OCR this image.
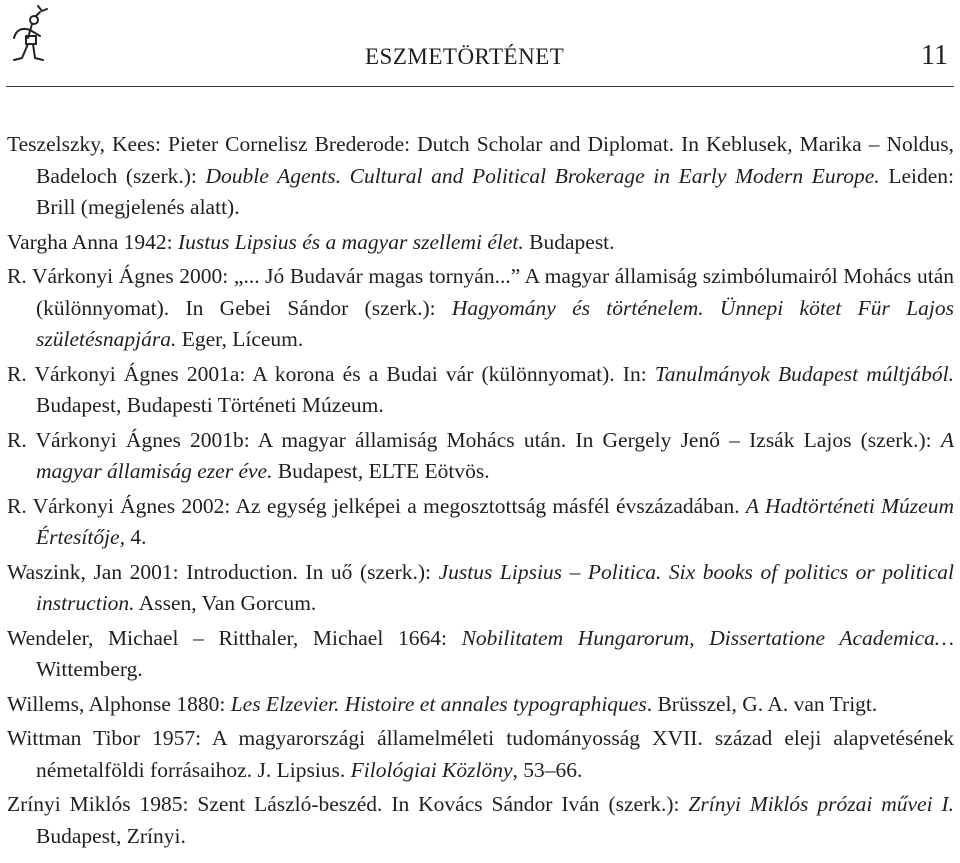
ESZMETÖRTÉNET	11

Teszelszky, Kees: Pieter Cornelisz Brederode: Dutch Scholar and Diplomat. In Keblusek, Marika – Noldus, Badeloch (szerk.): Double Agents. Cultural and Political Brokerage in Early Modern Europe. Leiden: Brill (megjelenés alatt).

Vargha Anna 1942: Iustus Lipsius és a magyar szellemi élet. Budapest.

R. Várkonyi Ágnes 2000: „... Jó Budavár magas tornyán...” A magyar államiság szimbólumairól Mohács után (különnyomat). In Gebei Sándor (szerk.): Hagyomány és történelem. Ünnepi kötet Für Lajos születésnapjára. Eger, Líceum.

R. Várkonyi Ágnes 2001a: A korona és a Budai vár (különnyomat). In: Tanulmányok Budapest múltjából. Budapest, Budapesti Történeti Múzeum.

R. Várkonyi Ágnes 2001b: A magyar államiság Mohács után. In Gergely Jenő – Izsák Lajos (szerk.): A magyar államiság ezer éve. Budapest, ELTE Eötvös.

R. Várkonyi Ágnes 2002: Az egység jelképei a megosztottság másfél évszázadában. A Hadtörténeti Múzeum Értesítője, 4.

Waszink, Jan 2001: Introduction. In uő (szerk.): Justus Lipsius – Politica. Six books of politics or political instruction. Assen, Van Gorcum.

Wendeler, Michael – Ritthaler, Michael 1664: Nobilitatem Hungarorum, Dissertatione Academica… Wittemberg.

Willems, Alphonse 1880: Les Elzevier. Histoire et annales typographiques. Brüsszel, G. A. van Trigt.

Wittman Tibor 1957: A magyarországi államelméleti tudományosság XVII. század eleji alapvetésének németalföldi forrásaihoz. J. Lipsius. Filológiai Közlöny, 53–66.

Zrínyi Miklós 1985: Szent László-beszéd. In Kovács Sándor Iván (szerk.): Zrínyi Miklós prózai művei I. Budapest, Zrínyi.
